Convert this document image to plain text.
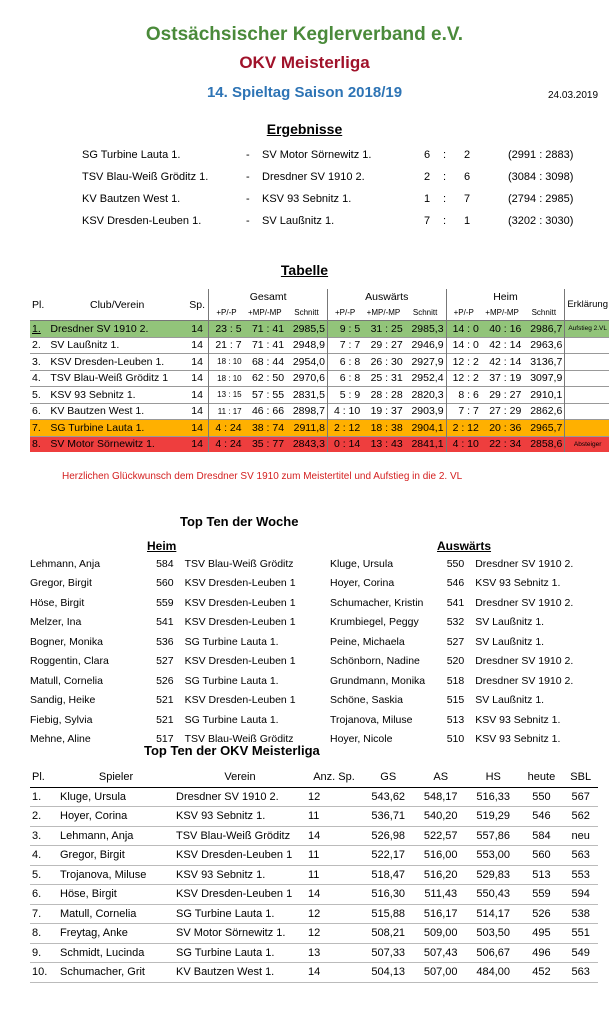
Ostsächsischer Keglerverband e.V.
OKV Meisterliga
14. Spieltag Saison 2018/19	24.03.2019
Ergebnisse
SG Turbine Lauta 1.	- SV Motor Sörnewitz 1.	6 : 2	(2991 : 2883)
TSV Blau-Weiß Gröditz 1.	- Dresdner SV 1910 2.	2 : 6	(3084 : 3098)
KV Bautzen West 1.	- KSV 93 Sebnitz 1.	1 : 7	(2794 : 2985)
KSV Dresden-Leuben 1.	- SV Laußnitz 1.	7 : 1	(3202 : 3030)
Tabelle
Pl.	Club/Verein	Sp.	Gesamt			Auswärts			Heim			Erklärung
			+P/-P	+MP/-MP	Schnitt	+P/-P	+MP/-MP	Schnitt	+P/-P	+MP/-MP	Schnitt	
1.	Dresdner SV 1910 2.	14	23 : 5	71 : 41	2985,5	9 : 5	31 : 25	2985,3	14 : 0	40 : 16	2986,7	Aufstieg 2.VL
2.	SV Laußnitz 1.	14	21 : 7	71 : 41	2948,9	7 : 7	29 : 27	2946,9	14 : 0	42 : 14	2963,6	
3.	KSV Dresden-Leuben 1.	14	18 : 10	68 : 44	2954,0	6 : 8	26 : 30	2927,9	12 : 2	42 : 14	3136,7	
4.	TSV Blau-Weiß Gröditz 1	14	18 : 10	62 : 50	2970,6	6 : 8	25 : 31	2952,4	12 : 2	37 : 19	3097,9	
5.	KSV 93 Sebnitz 1.	14	13 : 15	57 : 55	2831,5	5 : 9	28 : 28	2820,3	8 : 6	29 : 27	2910,1	
6.	KV Bautzen West 1.	14	11 : 17	46 : 66	2898,7	4 : 10	19 : 37	2903,9	7 : 7	27 : 29	2862,6	
7.	SG Turbine Lauta 1.	14	4 : 24	38 : 74	2911,8	2 : 12	18 : 38	2904,1	2 : 12	20 : 36	2965,7	
8.	SV Motor Sörnewitz 1.	14	4 : 24	35 : 77	2843,3	0 : 14	13 : 43	2841,1	4 : 10	22 : 34	2858,6	Absteiger
Herzlichen Glückwunsch dem Dresdner SV 1910 zum Meistertitel und Aufstieg in die 2. VL
Top Ten der Woche
Heim	Auswärts
Lehmann, Anja	584	TSV Blau-Weiß Gröditz
Gregor, Birgit	560	KSV Dresden-Leuben 1
Höse, Birgit	559	KSV Dresden-Leuben 1
Melzer, Ina	541	KSV Dresden-Leuben 1
Bogner, Monika	536	SG Turbine Lauta 1.
Roggentin, Clara	527	KSV Dresden-Leuben 1
Matull, Cornelia	526	SG Turbine Lauta 1.
Sandig, Heike	521	KSV Dresden-Leuben 1
Fiebig, Sylvia	521	SG Turbine Lauta 1.
Mehne, Aline	517	TSV Blau-Weiß Gröditz
Kluge, Ursula	550	Dresdner SV 1910 2.
Hoyer, Corina	546	KSV 93 Sebnitz 1.
Schumacher, Kristin	541	Dresdner SV 1910 2.
Krumbiegel, Peggy	532	SV Laußnitz 1.
Peine, Michaela	527	SV Laußnitz 1.
Schönborn, Nadine	520	Dresdner SV 1910 2.
Grundmann, Monika	518	Dresdner SV 1910 2.
Schöne, Saskia	515	SV Laußnitz 1.
Trojanova, Miluse	513	KSV 93 Sebnitz 1.
Hoyer, Nicole	510	KSV 93 Sebnitz 1.
Top Ten der OKV Meisterliga
Pl.	Spieler	Verein	Anz. Sp.	GS	AS	HS	heute	SBL
1.	Kluge, Ursula	Dresdner SV 1910 2.	12	543,62	548,17	516,33	550	567
2.	Hoyer, Corina	KSV 93 Sebnitz 1.	11	536,71	540,20	519,29	546	562
3.	Lehmann, Anja	TSV Blau-Weiß Gröditz	14	526,98	522,57	557,86	584	neu
4.	Gregor, Birgit	KSV Dresden-Leuben 1	11	522,17	516,00	553,00	560	563
5.	Trojanova, Miluse	KSV 93 Sebnitz 1.	11	518,47	516,20	529,83	513	553
6.	Höse, Birgit	KSV Dresden-Leuben 1	14	516,30	511,43	550,43	559	594
7.	Matull, Cornelia	SG Turbine Lauta 1.	12	515,88	516,17	514,17	526	538
8.	Freytag, Anke	SV Motor Sörnewitz 1.	12	508,21	509,00	503,50	495	551
9.	Schmidt, Lucinda	SG Turbine Lauta 1.	13	507,33	507,43	506,67	496	549
10.	Schumacher, Grit	KV Bautzen West 1.	14	504,13	507,00	484,00	452	563
